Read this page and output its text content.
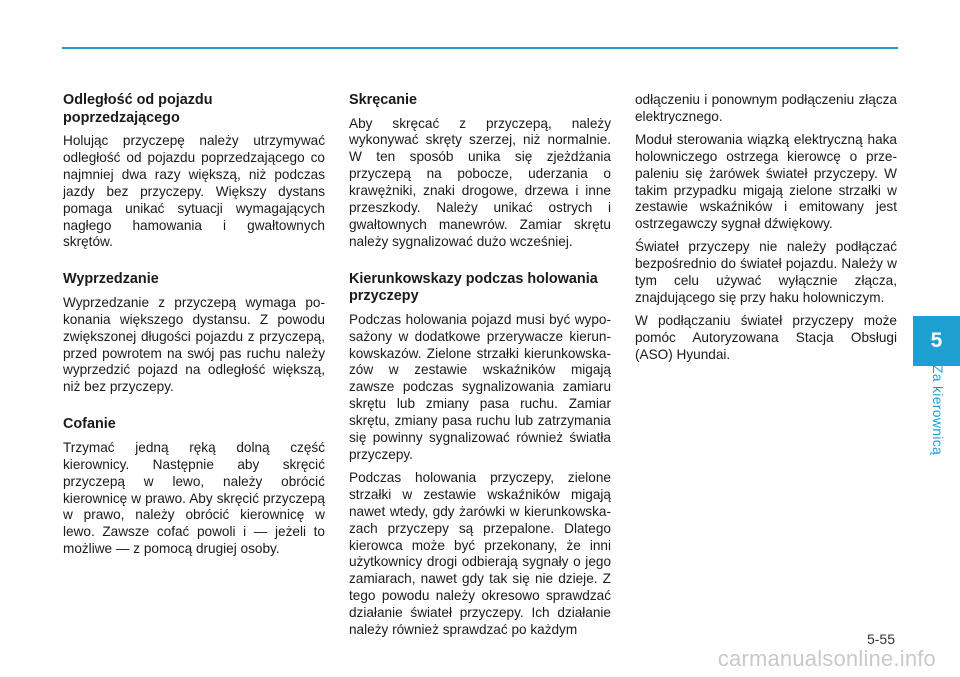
Odległość od pojazdu poprzedzającego

Holując przyczepę należy utrzymywać odległość od pojazdu poprzedzającego co najmniej dwa razy większą, niż podczas jazdy bez przyczepy. Większy dystans pomaga unikać sytuacji wymagających nagłego hamowania i gwałtownych skrętów.

Wyprzedzanie

Wyprzedzanie z przyczepą wymaga pokonania większego dystansu. Z powodu zwiększonej długości pojazdu z przyczepą, przed powrotem na swój pas ruchu należy wyprzedzić pojazd na odległość większą, niż bez przyczepy.

Cofanie

Trzymać jedną ręką dolną część kierownicy. Następnie aby skręcić przyczepą w lewo, należy obrócić kierownicę w prawo. Aby skręcić przyczepą w prawo, należy obrócić kierownicę w lewo. Zawsze cofać powoli i — jeżeli to możliwe — z pomocą drugiej osoby.

Skręcanie

Aby skręcać z przyczepą, należy wykonywać skręty szerzej, niż normalnie. W ten sposób unika się zjeżdżania przyczepą na pobocze, uderzania o krawężniki, znaki drogowe, drzewa i inne przeszkody. Należy unikać ostrych i gwałtownych manewrów. Zamiar skrętu należy sygnalizować dużo wcześniej.

Kierunkowskazy podczas holowania przyczepy

Podczas holowania pojazd musi być wyposażony w dodatkowe przerywacze kierunkowskazów. Zielone strzałki kierunkowskazów w zestawie wskaźników migają zawsze podczas sygnalizowania zamiaru skrętu lub zmiany pasa ruchu. Zamiar skrętu, zmiany pasa ruchu lub zatrzymania się powinny sygnalizować również światła przyczepy.

Podczas holowania przyczepy, zielone strzałki w zestawie wskaźników migają nawet wtedy, gdy żarówki w kierunkowskazach przyczepy są przepalone. Dlatego kierowca może być przekonany, że inni użytkownicy drogi odbierają sygnały o jego zamiarach, nawet gdy tak się nie dzieje. Z tego powodu należy okresowo sprawdzać działanie świateł przyczepy. Ich działanie należy również sprawdzać po każdym

odłączeniu i ponownym podłączeniu złącza elektrycznego.

Moduł sterowania wiązką elektryczną haka holowniczego ostrzega kierowcę o przepaleniu się żarówek świateł przyczepy. W takim przypadku migają zielone strzałki w zestawie wskaźników i emitowany jest ostrzegawczy sygnał dźwiękowy.

Świateł przyczepy nie należy podłączać bezpośrednio do świateł pojazdu. Należy w tym celu używać wyłącznie złącza, znajdującego się przy haku holowniczym.

W podłączaniu świateł przyczepy może pomóc Autoryzowana Stacja Obsługi (ASO) Hyundai.

5
Za kierownicą
5-55
carmanualsonline.info
